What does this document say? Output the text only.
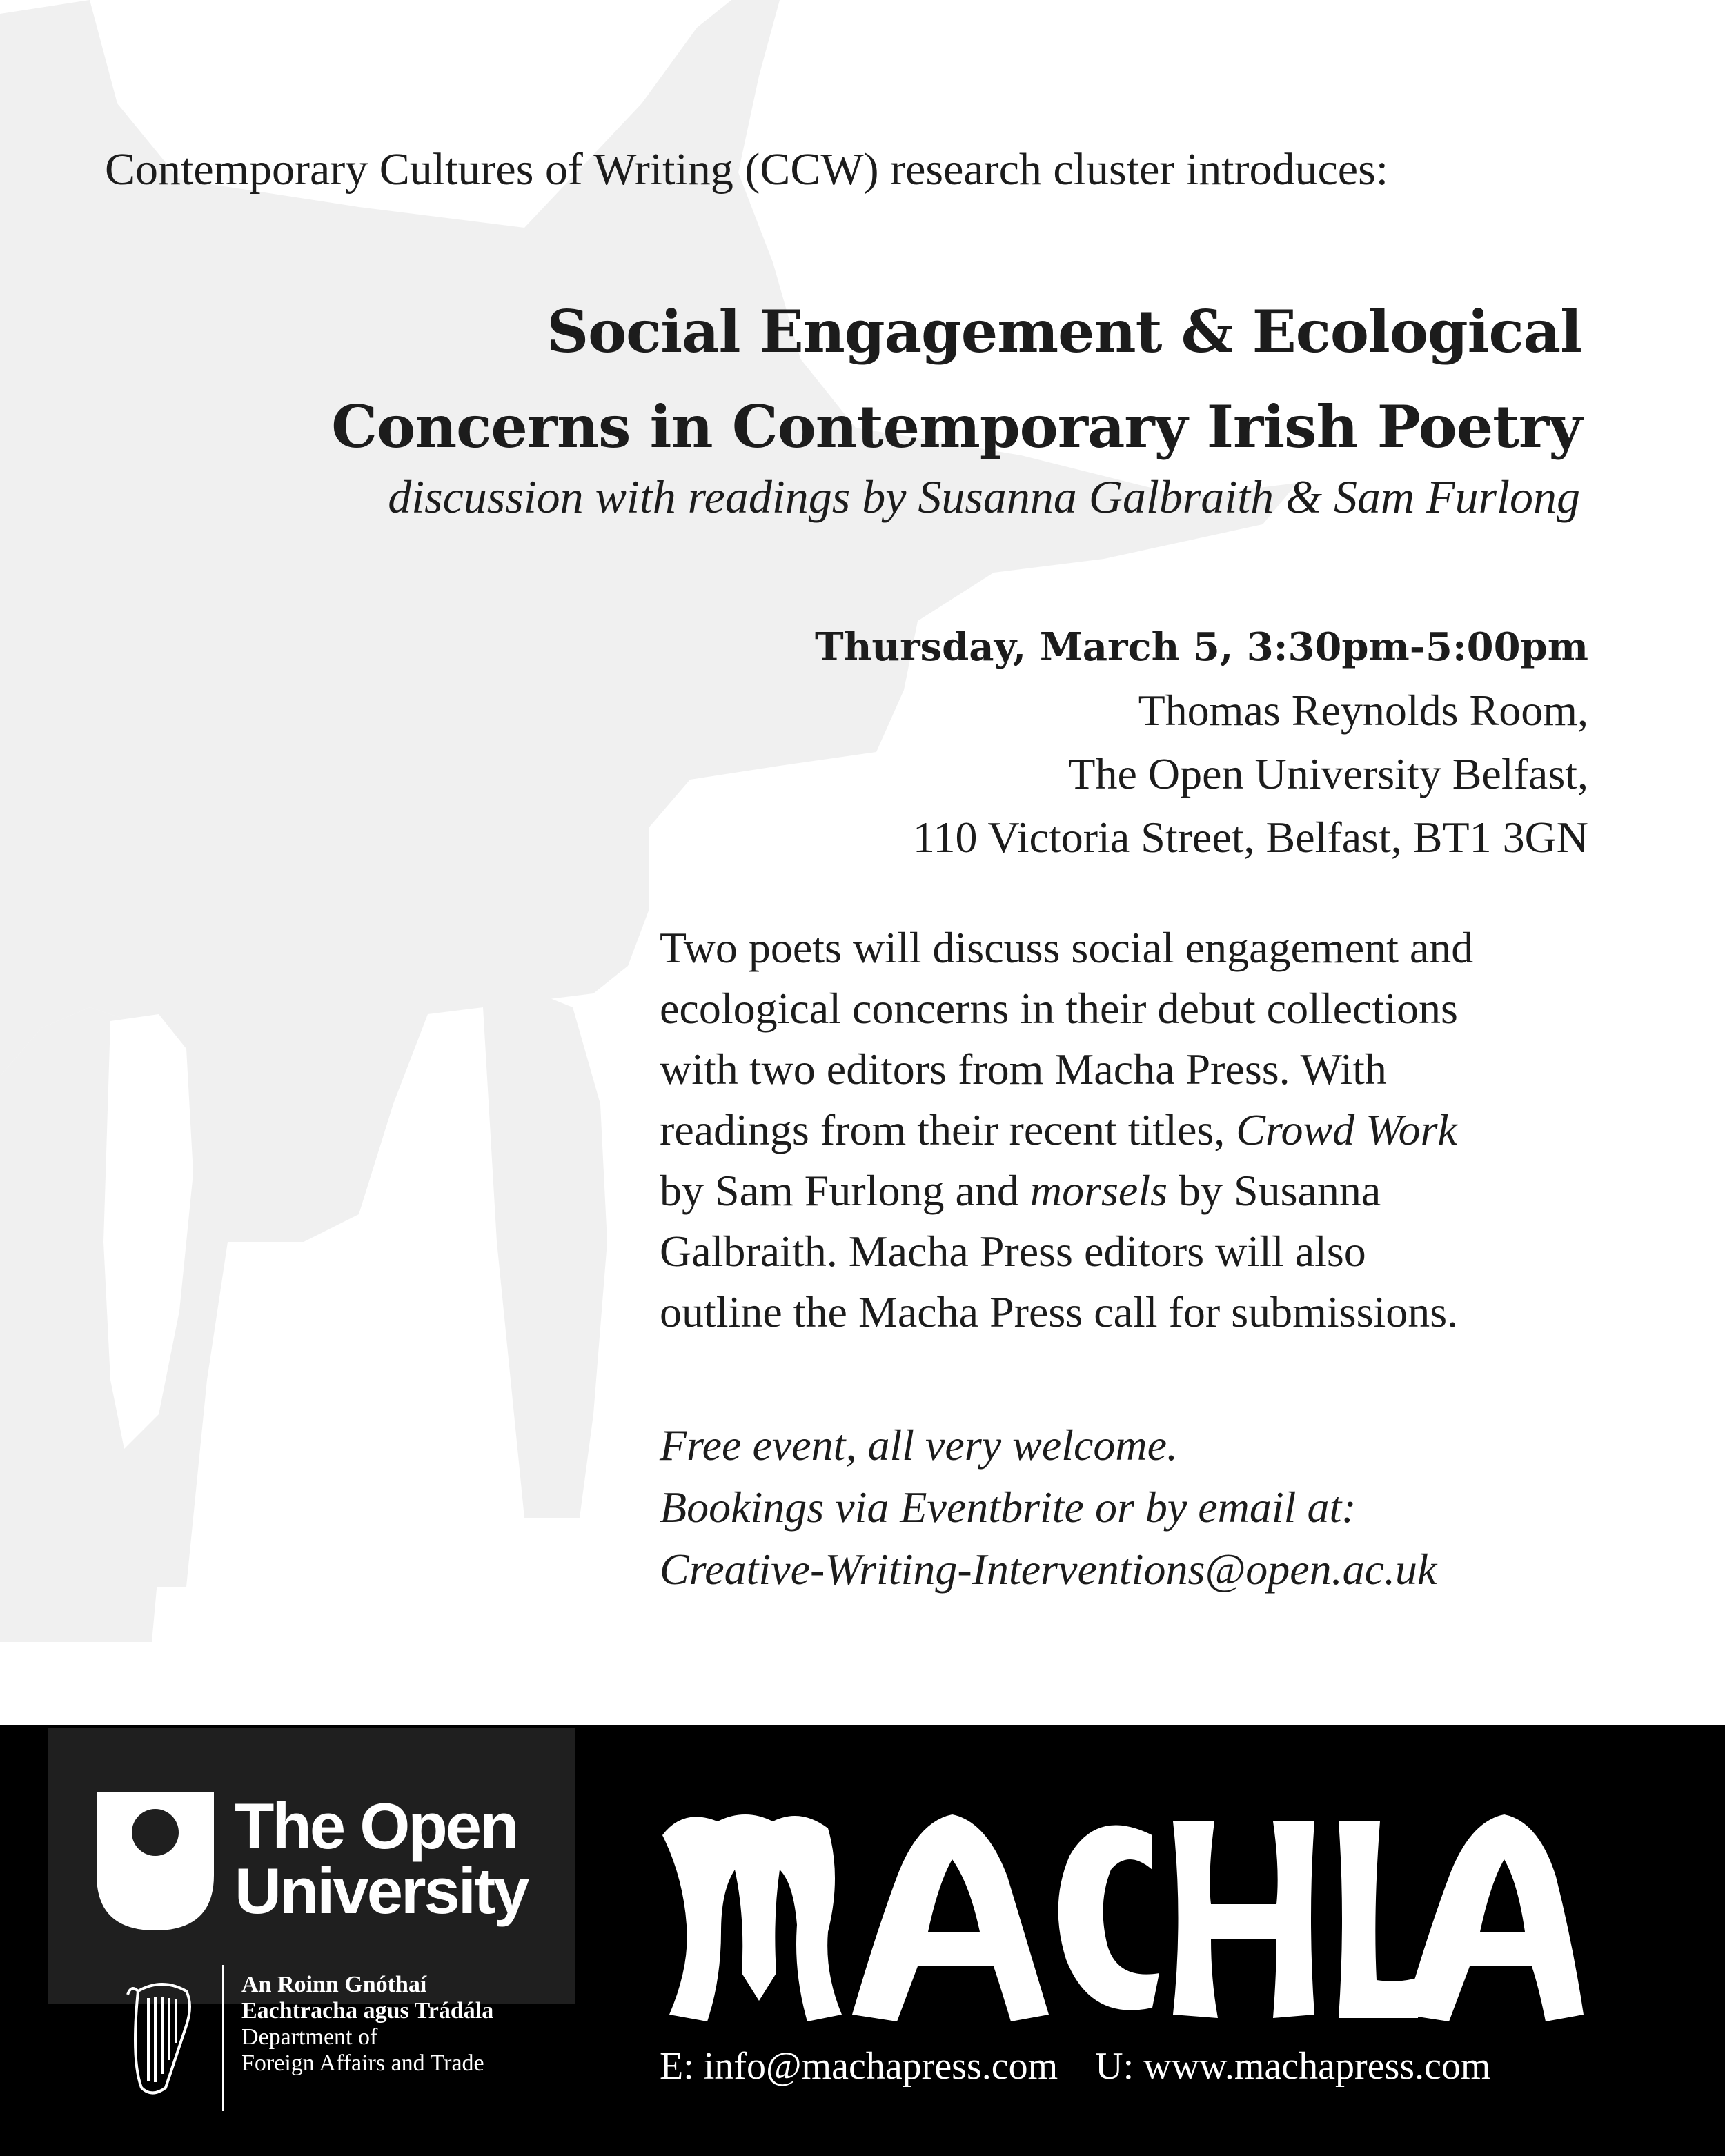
Contemporary Cultures of Writing (CCW) research cluster introduces:
Social Engagement & Ecological
Concerns in Contemporary Irish Poetry
discussion with readings by Susanna Galbraith & Sam Furlong
Thursday, March 5, 3:30pm-5:00pm
Thomas Reynolds Room,
The Open University Belfast,
110 Victoria Street, Belfast, BT1 3GN
Two poets will discuss social engagement and
ecological concerns in their debut collections
with two editors from Macha Press. With
readings from their recent titles, Crowd Work
by Sam Furlong and morsels by Susanna
Galbraith. Macha Press editors will also
outline the Macha Press call for submissions.
Free event, all very welcome.
Bookings via Eventbrite or by email at:
Creative-Writing-Interventions@open.ac.uk
The Open
University
An Roinn Gnóthaí
Eachtracha agus Trádála
Department of
Foreign Affairs and Trade	E: info@machapress.com U: www.machapress.com
